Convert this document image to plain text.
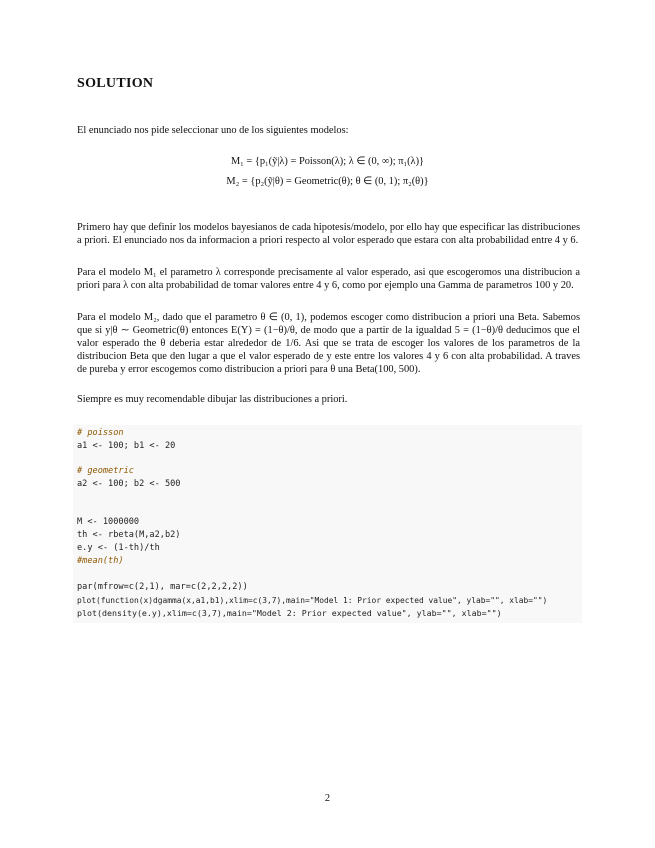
SOLUTION
El enunciado nos pide seleccionar uno de los siguientes modelos:
M₁ = {p₁(ỹ|λ) = Poisson(λ); λ ∈ (0, ∞); π₁(λ)}
M₂ = {p₂(ỹ|θ) = Geometric(θ); θ ∈ (0, 1); π₂(θ)}
Primero hay que definir los modelos bayesianos de cada hipotesis/modelo, por ello hay que especificar las distribuciones a priori. El enunciado nos da informacion a priori respecto al volor esperado que estara con alta probabilidad entre 4 y 6.
Para el modelo M₁ el parametro λ corresponde precisamente al valor esperado, asi que escogeromos una distribucion a priori para λ con alta probabilidad de tomar valores entre 4 y 6, como por ejemplo una Gamma de parametros 100 y 20.
Para el modelo M₂, dado que el parametro θ ∈ (0, 1), podemos escoger como distribucion a priori una Beta. Sabemos que si y|θ ∼ Geometric(θ) entonces E(Y) = (1−θ)/θ, de modo que a partir de la igualdad 5 = (1−θ)/θ deducimos que el valor esperado the θ deberia estar alrededor de 1/6. Asi que se trata de escoger los valores de los parametros de la distribucion Beta que den lugar a que el valor esperado de y este entre los valores 4 y 6 con alta probabilidad. A traves de pureba y error escogemos como distribucion a priori para θ una Beta(100, 500).
Siempre es muy recomendable dibujar las distribuciones a priori.
# poisson
a1 <- 100; b1 <- 20
# geometric
a2 <- 100; b2 <- 500
M <- 1000000
th <- rbeta(M,a2,b2)
e.y <- (1-th)/th
#mean(th)
par(mfrow=c(2,1), mar=c(2,2,2,2))
plot(function(x)dgamma(x,a1,b1),xlim=c(3,7),main="Model 1: Prior expected value", ylab="", xlab="")
plot(density(e.y),xlim=c(3,7),main="Model 2: Prior expected value", ylab="", xlab="")
2
